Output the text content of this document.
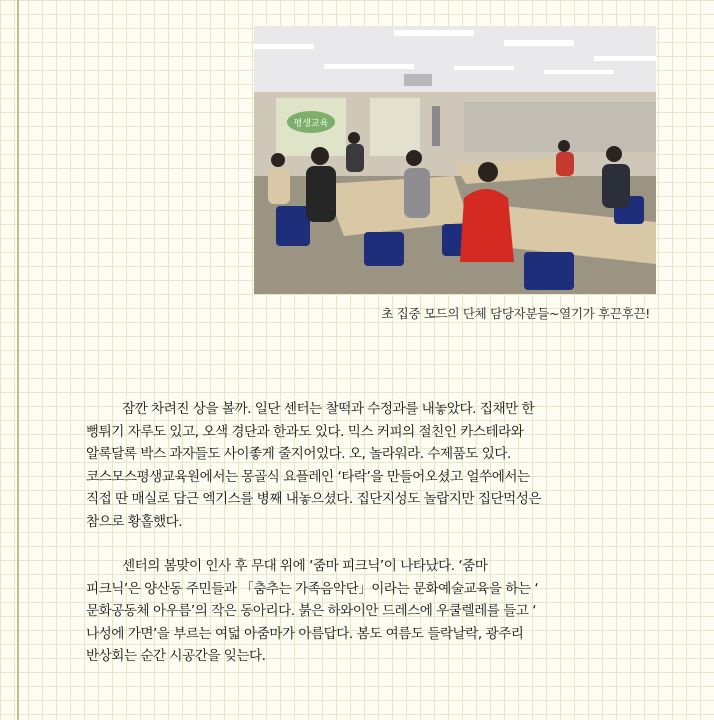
평생교육
초 집중 모드의 단체 담당자분들~열기가 후끈후끈!

잠깐 차려진 상을 볼까. 일단 센터는 찰떡과 수정과를 내놓았다. 집채만 한
뻥튀기 자루도 있고, 오색 경단과 한과도 있다. 믹스 커피의 절친인 카스테라와
알록달록 박스 과자들도 사이좋게 줄지어있다. 오, 놀라워라. 수제품도 있다.
코스모스평생교육원에서는 몽골식 요플레인 ‘타락’을 만들어오셨고 얼쑤에서는
직접 딴 매실로 담근 엑기스를 병째 내놓으셨다. 집단지성도 놀랍지만 집단먹성은
참으로 황홀했다.

센터의 봄맞이 인사 후 무대 위에 ‘줌마 피크닉’이 나타났다. ‘줌마
피크닉’은 양산동 주민들과 「춤추는 가족음악단」이라는 문화예술교육을 하는 ‘
문화공동체 아우름’의 작은 동아리다. 붉은 하와이안 드레스에 우쿨렐레를 들고 ‘
나성에 가면’을 부르는 여덟 아줌마가 아름답다. 봄도 여름도 들락날락, 광주리
반상회는 순간 시공간을 잊는다.
